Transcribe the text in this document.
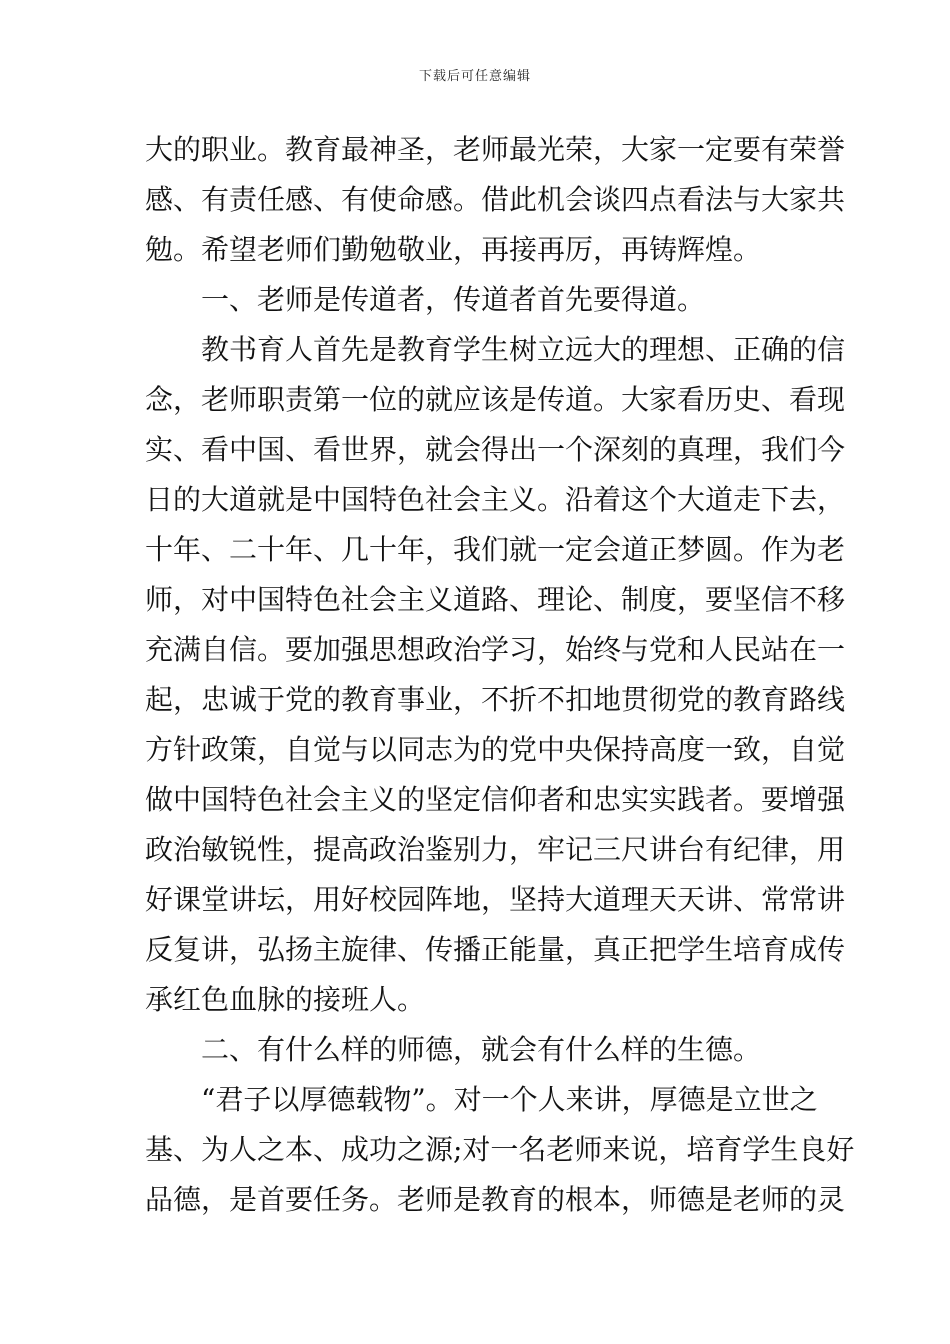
下载后可任意编辑
大的职业。教育最神圣，老师最光荣，大家一定要有荣誉
感、有责任感、有使命感。借此机会谈四点看法与大家共
勉。希望老师们勤勉敬业，再接再厉，再铸辉煌。
一、老师是传道者，传道者首先要得道。
教书育人首先是教育学生树立远大的理想、正确的信
念，老师职责第一位的就应该是传道。大家看历史、看现
实、看中国、看世界，就会得出一个深刻的真理，我们今
日的大道就是中国特色社会主义。沿着这个大道走下去，
十年、二十年、几十年，我们就一定会道正梦圆。作为老
师，对中国特色社会主义道路、理论、制度，要坚信不移
充满自信。要加强思想政治学习，始终与党和人民站在一
起，忠诚于党的教育事业，不折不扣地贯彻党的教育路线
方针政策，自觉与以同志为的党中央保持高度一致，自觉
做中国特色社会主义的坚定信仰者和忠实实践者。要增强
政治敏锐性，提高政治鉴别力，牢记三尺讲台有纪律，用
好课堂讲坛，用好校园阵地，坚持大道理天天讲、常常讲
反复讲，弘扬主旋律、传播正能量，真正把学生培育成传
承红色血脉的接班人。
二、有什么样的师德，就会有什么样的生德。
“君子以厚德载物”。对一个人来讲，厚德是立世之
基、为人之本、成功之源;对一名老师来说，培育学生良好
品德，是首要任务。老师是教育的根本，师德是老师的灵
